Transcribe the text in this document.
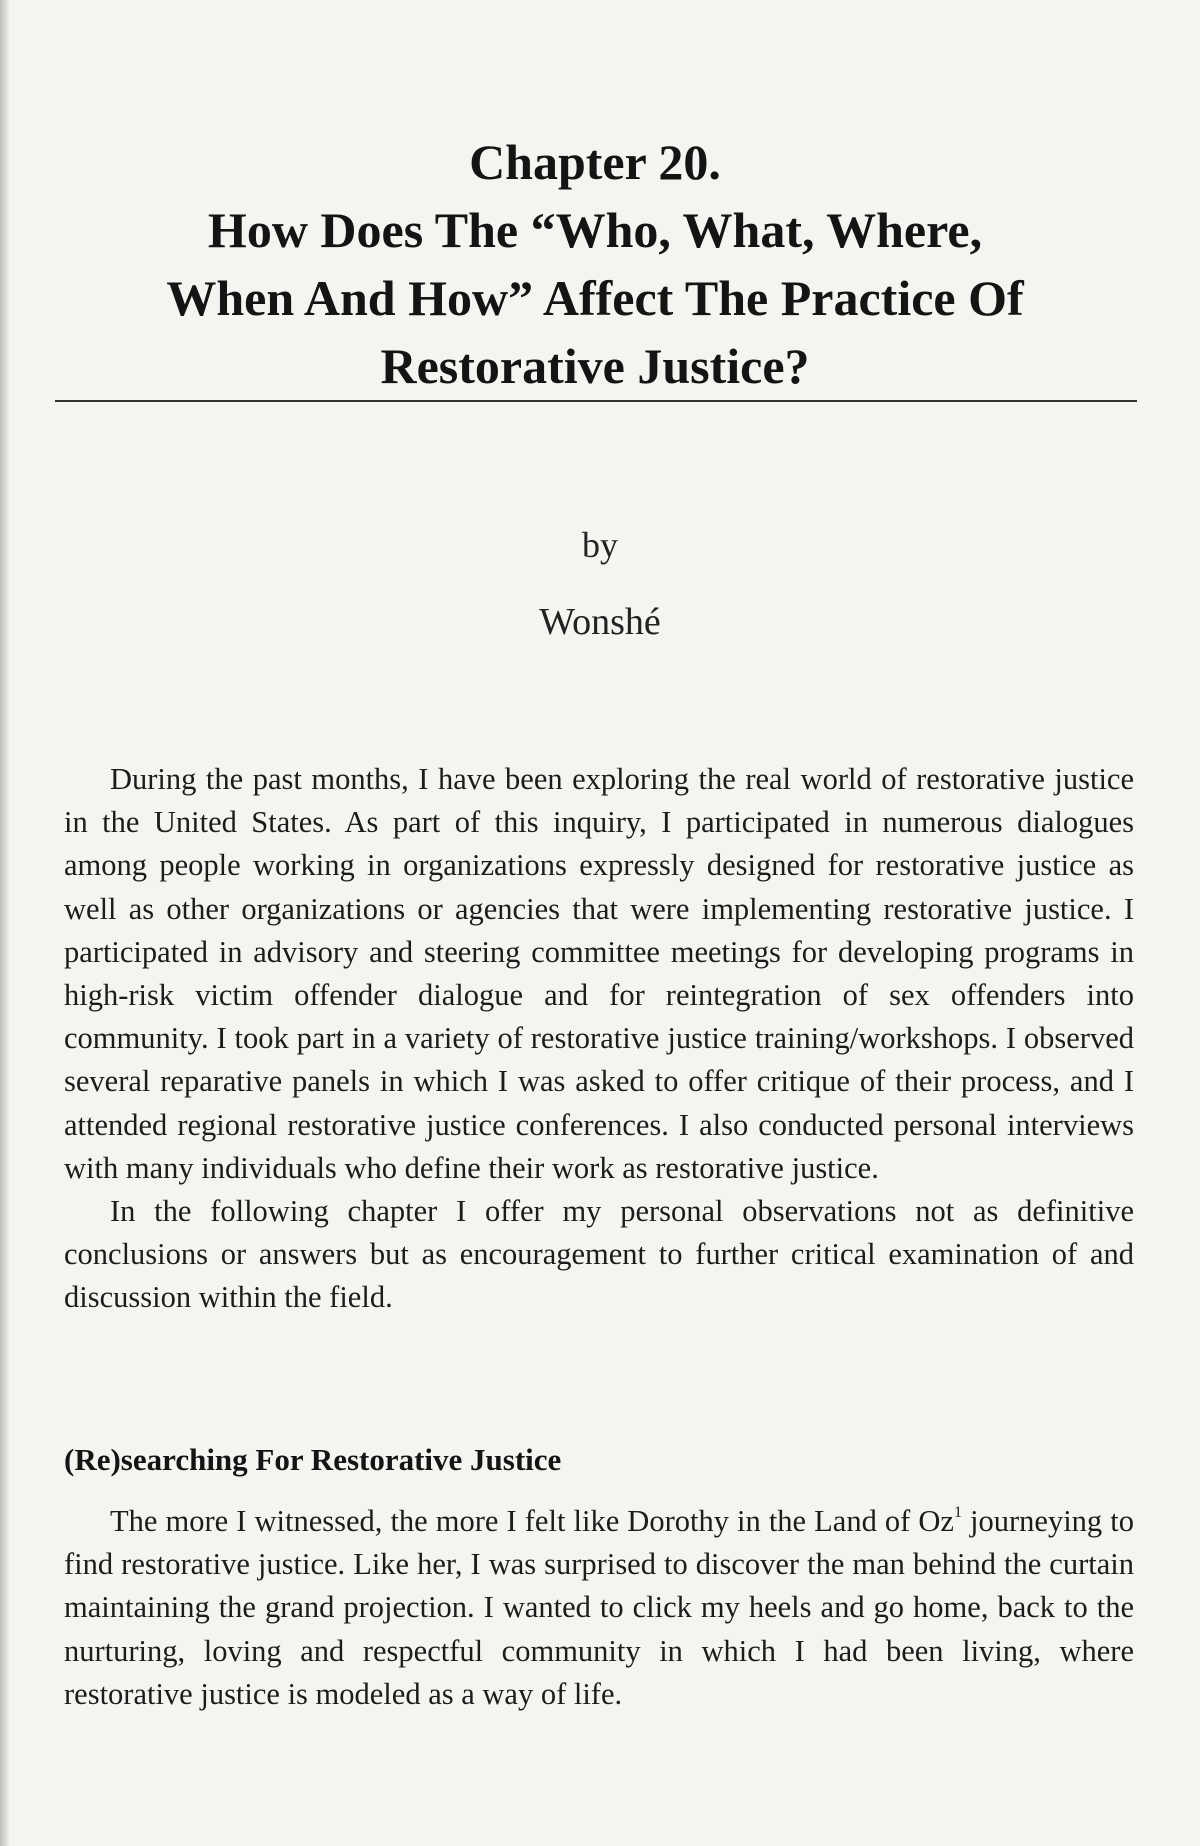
Chapter 20.
How Does The “Who, What, Where,
When And How” Affect The Practice Of
Restorative Justice?
by
Wonshé

During the past months, I have been exploring the real world of restorative justice in the United States. As part of this inquiry, I participated in numerous dialogues among people working in organizations expressly designed for restorative justice as well as other organizations or agencies that were implementing restorative justice. I participated in advisory and steering committee meetings for developing programs in high-risk victim offender dialogue and for reintegration of sex offenders into community. I took part in a variety of restorative justice training/workshops. I observed several reparative panels in which I was asked to offer critique of their process, and I attended regional restorative justice conferences. I also conducted personal interviews with many individuals who define their work as restorative justice.

In the following chapter I offer my personal observations not as definitive conclusions or answers but as encouragement to further critical examination of and discussion within the field.

(Re)searching For Restorative Justice

The more I witnessed, the more I felt like Dorothy in the Land of Oz$^1$ journeying to find restorative justice. Like her, I was surprised to discover the man behind the curtain maintaining the grand projection. I wanted to click my heels and go home, back to the nurturing, loving and respectful community in which I had been living, where restorative justice is modeled as a way of life.
